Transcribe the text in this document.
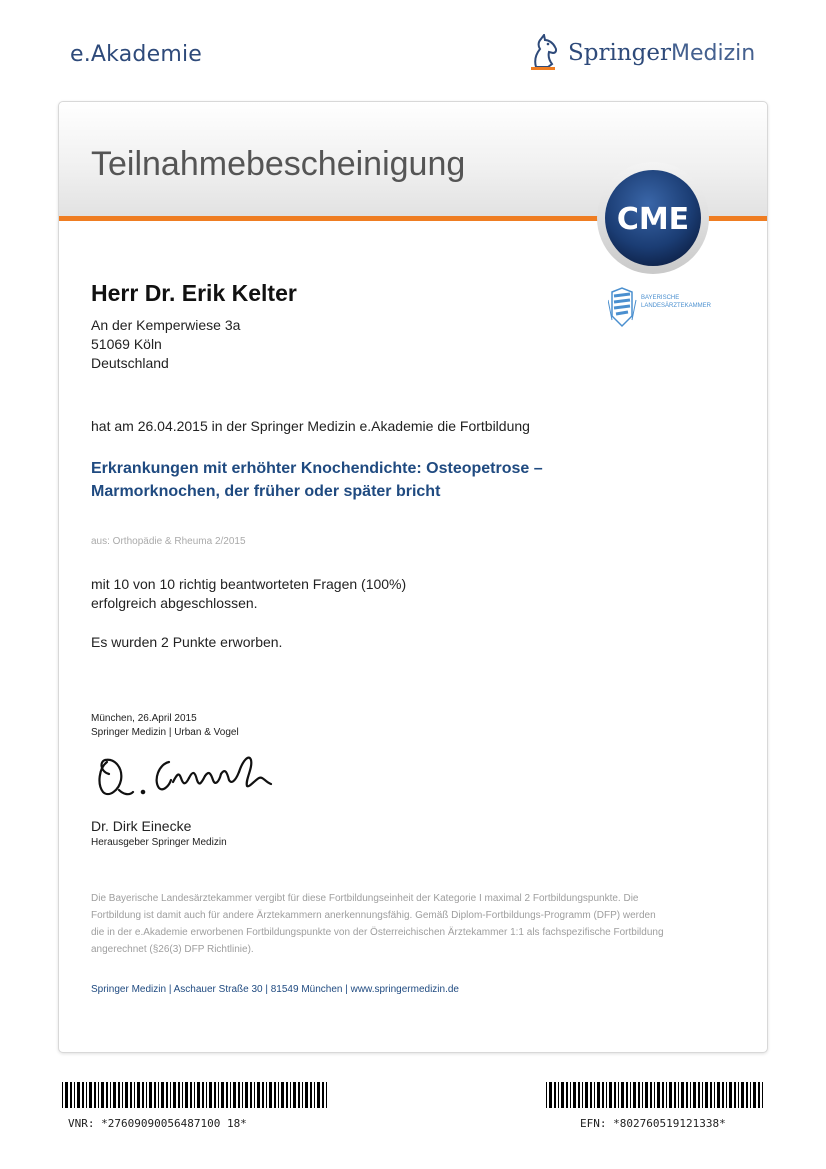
e.Akademie	SpringerMedizin
Teilnahmebescheinigung
CME
BAYERISCHE
LANDESÄRZTEKAMMER
Herr Dr. Erik Kelter
An der Kemperwiese 3a
51069 Köln
Deutschland
hat am 26.04.2015 in der Springer Medizin e.Akademie die Fortbildung
Erkrankungen mit erhöhter Knochendichte: Osteopetrose –
Marmorknochen, der früher oder später bricht
aus: Orthopädie & Rheuma 2/2015
mit 10 von 10 richtig beantworteten Fragen (100%)
erfolgreich abgeschlossen.
Es wurden 2 Punkte erworben.
München, 26.April 2015
Springer Medizin | Urban & Vogel
Dr. Dirk Einecke
Herausgeber Springer Medizin
Die Bayerische Landesärztekammer vergibt für diese Fortbildungseinheit der Kategorie I maximal 2 Fortbildungspunkte. Die
Fortbildung ist damit auch für andere Ärztekammern anerkennungsfähig. Gemäß Diplom-Fortbildungs-Programm (DFP) werden
die in der e.Akademie erworbenen Fortbildungspunkte von der Österreichischen Ärztekammer 1:1 als fachspezifische Fortbildung
angerechnet (§26(3) DFP Richtlinie).
Springer Medizin | Aschauer Straße 30 | 81549 München | www.springermedizin.de
VNR: *27609090056487100 18*	EFN: *802760519121338*
